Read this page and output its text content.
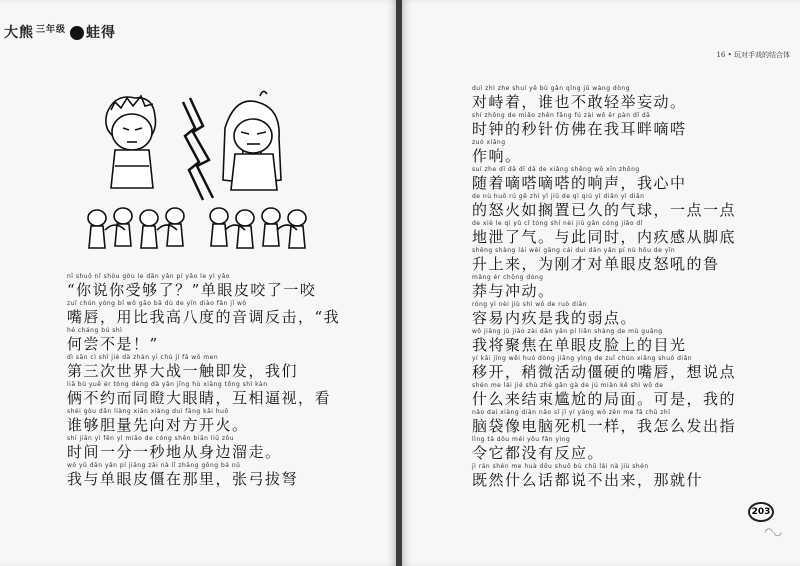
大熊 三年级 蛙得
nǐ shuō nǐ shòu gòu le dān yǎn pí yǎo le yì yǎo
“你说你受够了？”单眼皮咬了一咬
zuǐ chún yòng bǐ wǒ gāo bā dù de yīn diào fǎn jī wǒ
嘴唇，用比我高八度的音调反击，“我
hé cháng bú shì
何尝不是！”
dì sān cì shì jiè dà zhàn yì chù jí fā wǒ men
第三次世界大战一触即发，我们
liǎ bù yuē ér tóng dèng dà yǎn jīng hù xiāng tōng shì kàn
俩不约而同瞪大眼睛，互相逼视，看
shéi gòu dǎn liàng xiān xiàng duì fāng kāi huǒ
谁够胆量先向对方开火。
shí jiān yì fēn yì miǎo de cóng shēn biān liū zǒu
时间一分一秒地从身边溜走。
wǒ yǔ dān yǎn pí jiāng zài nà lǐ zhāng gōng bá nǔ
我与单眼皮僵在那里，张弓拔弩
16 • 玩对手戏的结合体
duì zhì zhe shuí yě bù gǎn qīng jǔ wàng dòng
对峙着，谁也不敢轻举妄动。
shí zhōng de miǎo zhēn fǎng fú zài wǒ ěr pàn dī dā
时钟的秒针仿佛在我耳畔嘀嗒
zuò xiǎng
作响。
suí zhe dī dā dī dā de xiǎng shēng wǒ xīn zhōng
随着嘀嗒嘀嗒的响声，我心中
de nù huǒ rú gē zhì yǐ jiǔ de qì qiú yì diǎn yì diǎn
的怒火如搁置已久的气球，一点一点
de xiè le qì yǔ cǐ tóng shí nèi jiù gǎn cóng jiǎo dǐ
地泄了气。与此同时，内疚感从脚底
shēng shàng lái wèi gāng cái duì dān yǎn pí nù hǒu de yīn
升上来，为刚才对单眼皮怒吼的鲁
mǎng ér chōng dòng
莽与冲动。
róng yì nèi jiù shì wǒ de ruò diǎn
容易内疚是我的弱点。
wǒ jiāng jù jiāo zài dān yǎn pí liǎn shàng de mù guāng
我将聚焦在单眼皮脸上的目光
yí kāi jīng wēi huó dòng jiāng yìng de zuǐ chún xiǎng shuō diǎn
移开，稍微活动僵硬的嘴唇，想说点
shén me lái jié shù zhè gān gà de jú miàn kě shì wǒ de
什么来结束尴尬的局面。可是，我的
nǎo dai xiàng diàn nǎo sǐ jī yí yàng wǒ zěn me fā chū zhǐ
脑袋像电脑死机一样，我怎么发出指
lìng tā dōu méi yǒu fǎn yìng
令它都没有反应。
jì rán shén me huà dōu shuō bù chū lái nà jiù shén
既然什么话都说不出来，那就什
203
◠◡
